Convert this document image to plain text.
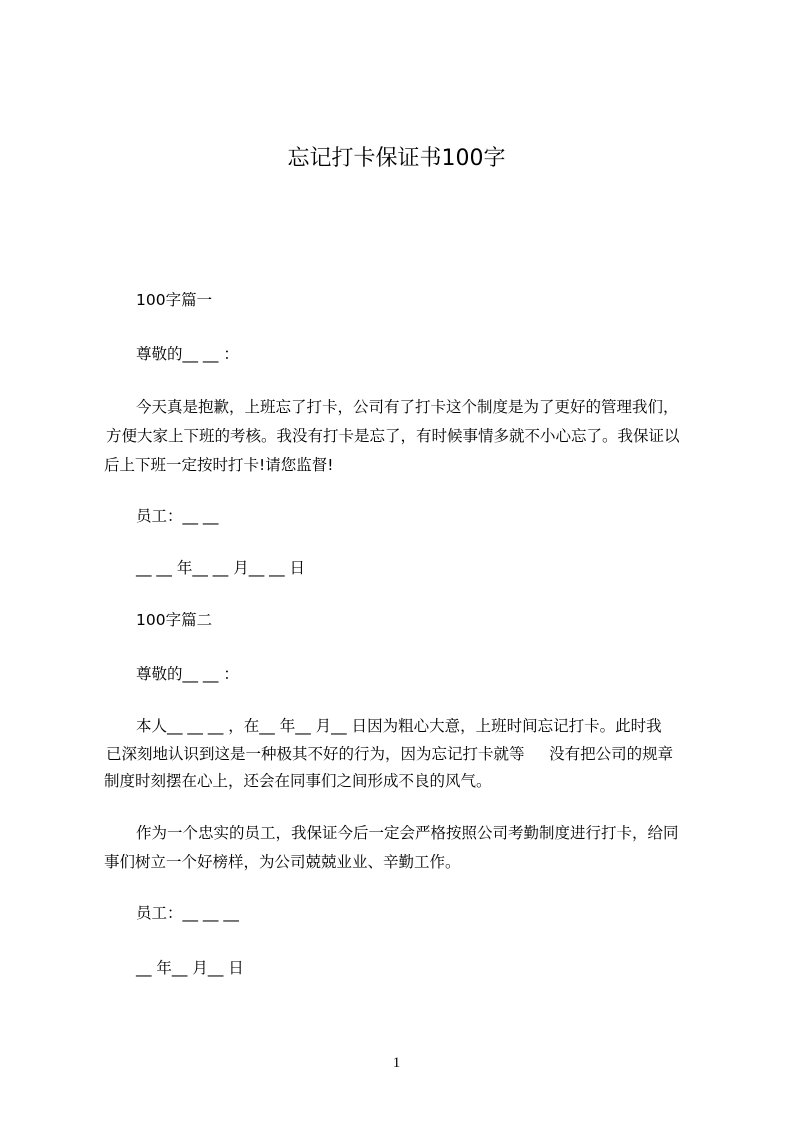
忘记打卡保证书100字
100字篇一
尊敬的__ __ ：
今天真是抱歉，上班忘了打卡，公司有了打卡这个制度是为了更好的管理我们，
方便大家上下班的考核。我没有打卡是忘了，有时候事情多就不小心忘了。我保证以
后上下班一定按时打卡!请您监督!
员工：__ __
__ __ 年__ __ 月__ __ 日
100字篇二
尊敬的__ __ ：
本人__ __ __ ，在__ 年__ 月__ 日因为粗心大意，上班时间忘记打卡。此时我
已深刻地认识到这是一种极其不好的行为，因为忘记打卡就等     没有把公司的规章
制度时刻摆在心上，还会在同事们之间形成不良的风气。
作为一个忠实的员工，我保证今后一定会严格按照公司考勤制度进行打卡，给同
事们树立一个好榜样，为公司兢兢业业、辛勤工作。
员工：__ __ __
__ 年__ 月__ 日
1
